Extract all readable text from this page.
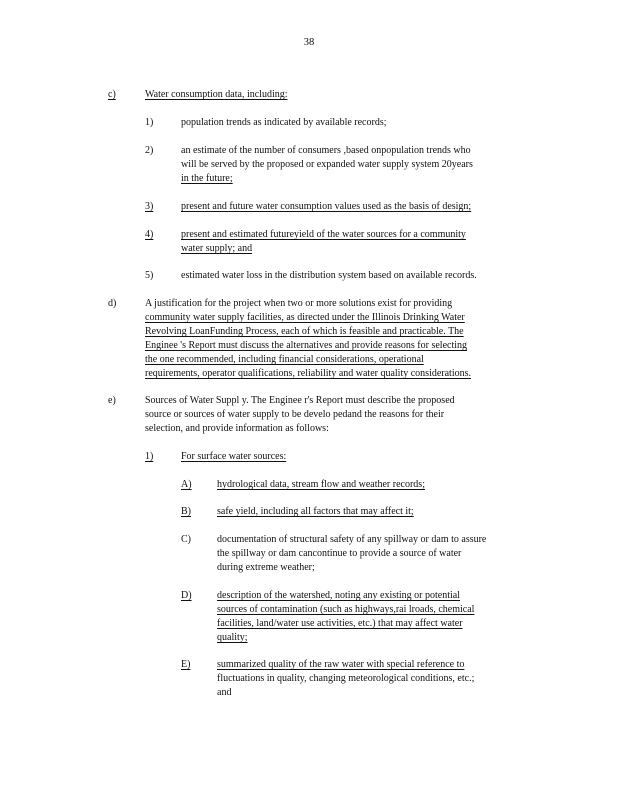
38
c)	Water consumption data, including:
1)	population trends as indicated by available records;
2)	an estimate of the number of consumers ,based onpopulation trends who
will be served by the proposed or expanded water supply system 20years
in the future;
3)	present and future water consumption values used as the basis of design;
4)	present and estimated futureyield of the water sources for a community
water supply; and
5)	estimated water loss in the distribution system based on available records.
d)	A justification for the project when two or more solutions exist for providing
community water supply facilities, as directed under the Illinois Drinking Water
Revolving LoanFunding Process, each of which is feasible and practicable. The
Enginee 's Report must discuss the alternatives and provide reasons for selecting
the one recommended, including financial considerations, operational
requirements, operator qualifications, reliability and water quality considerations.
e)	Sources of Water Suppl y. The Enginee r's Report must describe the proposed
source or sources of water supply to be develo pedand the reasons for their
selection, and provide information as follows:
1)	For surface water sources:
A)	hydrological data, stream flow and weather records;
B)	safe yield, including all factors that may affect it;
C)	documentation of structural safety of any spillway or dam to assure
the spillway or dam cancontinue to provide a source of water
during extreme weather;
D)	description of the watershed, noting any existing or potential
sources of contamination (such as highways,rai lroads, chemical
facilities, land/water use activities, etc.) that may affect water
quality;
E)	summarized quality of the raw water with special reference to
fluctuations in quality, changing meteorological conditions, etc.;
and
